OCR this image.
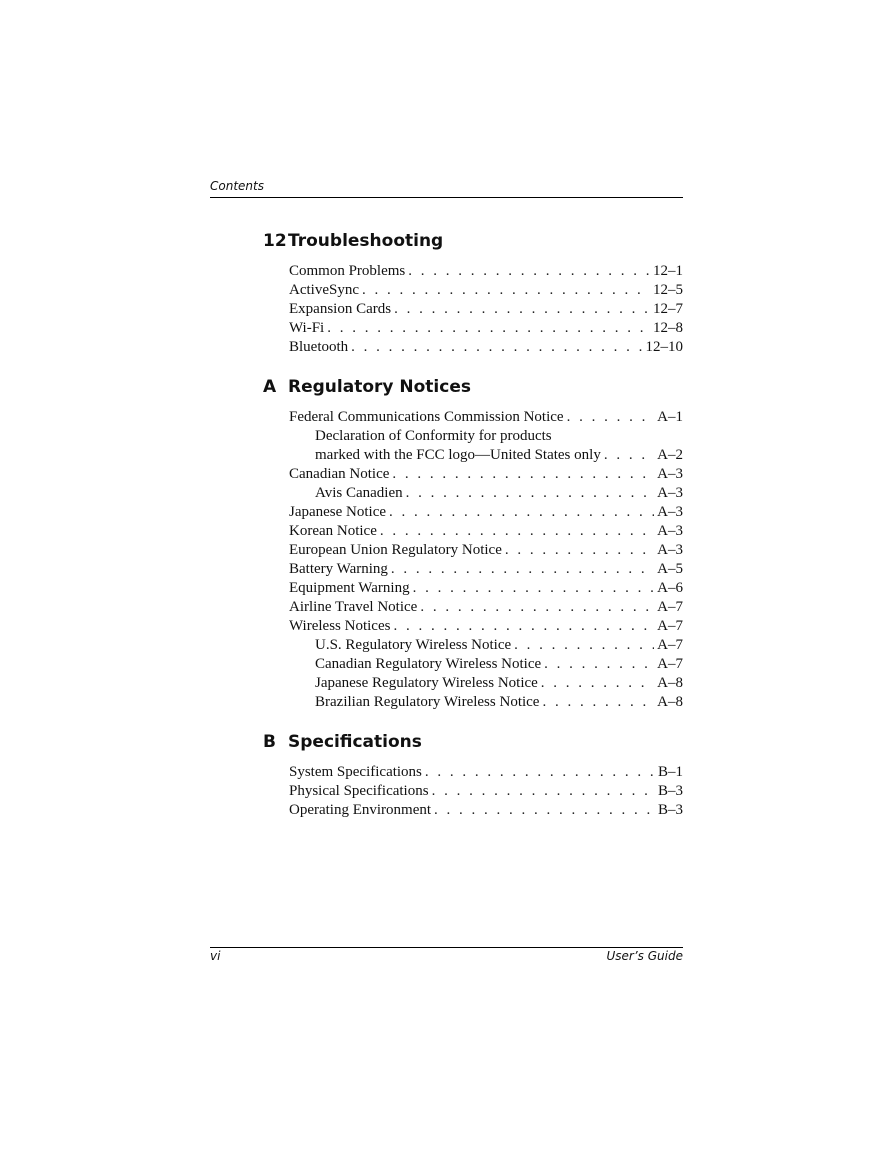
Contents
12Troubleshooting
Common Problems . . .	12–1
ActiveSync . . .	12–5
Expansion Cards . . .	12–7
Wi-Fi . . .	12–8
Bluetooth . . .	12–10
A Regulatory Notices
Federal Communications Commission Notice . . .	A–1
Declaration of Conformity for products
marked with the FCC logo—United States only . . .	A–2
Canadian Notice . . .	A–3
Avis Canadien . . .	A–3
Japanese Notice . . .	A–3
Korean Notice . . .	A–3
European Union Regulatory Notice . . .	A–3
Battery Warning . . .	A–5
Equipment Warning . . .	A–6
Airline Travel Notice . . .	A–7
Wireless Notices . . .	A–7
U.S. Regulatory Wireless Notice . . .	A–7
Canadian Regulatory Wireless Notice . . .	A–7
Japanese Regulatory Wireless Notice . . .	A–8
Brazilian Regulatory Wireless Notice . . .	A–8
B Specifications
System Specifications . . .	B–1
Physical Specifications . . .	B–3
Operating Environment . . .	B–3
vi	User’s Guide
